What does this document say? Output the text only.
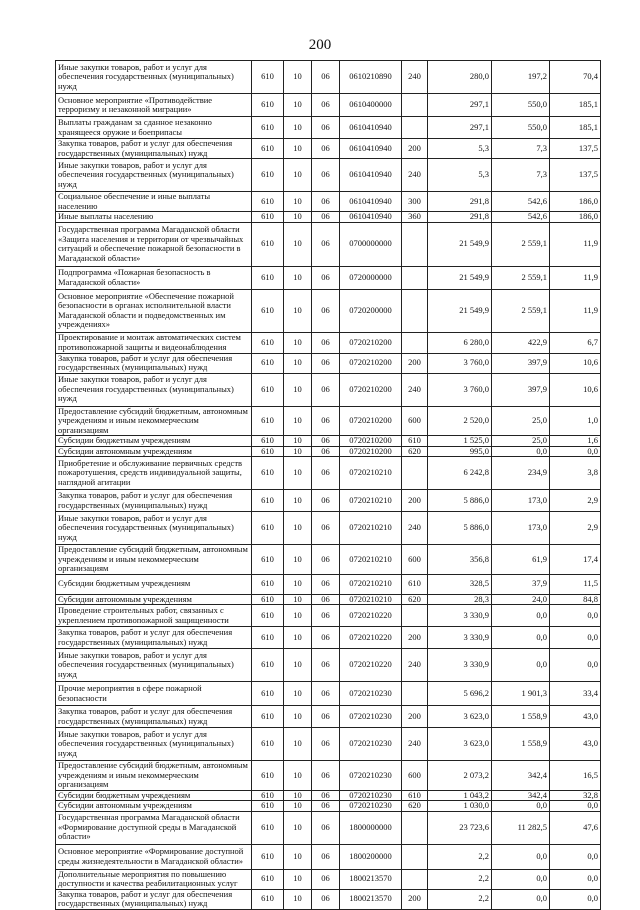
200
Иные закупки товаров, работ и услуг для обеспечения государственных (муниципальных) нужд	610	10	06	0610210890	240	280,0	197,2	70,4
Основное мероприятие «Противодействие терроризму и незаконной миграции»	610	10	06	0610400000		297,1	550,0	185,1
Выплаты гражданам за сданное незаконно хранящееся оружие и боеприпасы	610	10	06	0610410940		297,1	550,0	185,1
Закупка товаров, работ и услуг для обеспечения государственных (муниципальных) нужд	610	10	06	0610410940	200	5,3	7,3	137,5
Иные закупки товаров, работ и услуг для обеспечения государственных (муниципальных) нужд	610	10	06	0610410940	240	5,3	7,3	137,5
Социальное обеспечение и иные выплаты населению	610	10	06	0610410940	300	291,8	542,6	186,0
Иные выплаты населению	610	10	06	0610410940	360	291,8	542,6	186,0
Государственная программа Магаданской области «Защита населения и территории от чрезвычайных ситуаций и обеспечение пожарной безопасности в Магаданской области»	610	10	06	0700000000		21 549,9	2 559,1	11,9
Подпрограмма «Пожарная безопасность в Магаданской области»	610	10	06	0720000000		21 549,9	2 559,1	11,9
Основное мероприятие «Обеспечение пожарной безопасности в органах исполнительной власти Магаданской области и подведомственных им учреждениях»	610	10	06	0720200000		21 549,9	2 559,1	11,9
Проектирование и монтаж автоматических систем противопожарной защиты и видеонаблюдения	610	10	06	0720210200		6 280,0	422,9	6,7
Закупка товаров, работ и услуг для обеспечения государственных (муниципальных) нужд	610	10	06	0720210200	200	3 760,0	397,9	10,6
Иные закупки товаров, работ и услуг для обеспечения государственных (муниципальных) нужд	610	10	06	0720210200	240	3 760,0	397,9	10,6
Предоставление субсидий бюджетным, автономным учреждениям и иным некоммерческим организациям	610	10	06	0720210200	600	2 520,0	25,0	1,0
Субсидии бюджетным учреждениям	610	10	06	0720210200	610	1 525,0	25,0	1,6
Субсидии автономным учреждениям	610	10	06	0720210200	620	995,0	0,0	0,0
Приобретение и обслуживание первичных средств пожаротушения, средств индивидуальной защиты, наглядной агитации	610	10	06	0720210210		6 242,8	234,9	3,8
Закупка товаров, работ и услуг для обеспечения государственных (муниципальных) нужд	610	10	06	0720210210	200	5 886,0	173,0	2,9
Иные закупки товаров, работ и услуг для обеспечения государственных (муниципальных) нужд	610	10	06	0720210210	240	5 886,0	173,0	2,9
Предоставление субсидий бюджетным, автономным учреждениям и иным некоммерческим организациям	610	10	06	0720210210	600	356,8	61,9	17,4
Субсидии бюджетным учреждениям	610	10	06	0720210210	610	328,5	37,9	11,5
Субсидии автономным учреждениям	610	10	06	0720210210	620	28,3	24,0	84,8
Проведение строительных работ, связанных с укреплением противопожарной защищенности	610	10	06	0720210220		3 330,9	0,0	0,0
Закупка товаров, работ и услуг для обеспечения государственных (муниципальных) нужд	610	10	06	0720210220	200	3 330,9	0,0	0,0
Иные закупки товаров, работ и услуг для обеспечения государственных (муниципальных) нужд	610	10	06	0720210220	240	3 330,9	0,0	0,0
Прочие мероприятия в сфере пожарной безопасности	610	10	06	0720210230		5 696,2	1 901,3	33,4
Закупка товаров, работ и услуг для обеспечения государственных (муниципальных) нужд	610	10	06	0720210230	200	3 623,0	1 558,9	43,0
Иные закупки товаров, работ и услуг для обеспечения государственных (муниципальных) нужд	610	10	06	0720210230	240	3 623,0	1 558,9	43,0
Предоставление субсидий бюджетным, автономным учреждениям и иным некоммерческим организациям	610	10	06	0720210230	600	2 073,2	342,4	16,5
Субсидии бюджетным учреждениям	610	10	06	0720210230	610	1 043,2	342,4	32,8
Субсидии автономным учреждениям	610	10	06	0720210230	620	1 030,0	0,0	0,0
Государственная программа Магаданской области «Формирование доступной среды в Магаданской области»	610	10	06	1800000000		23 723,6	11 282,5	47,6
Основное мероприятие «Формирование доступной среды жизнедеятельности в Магаданской области»	610	10	06	1800200000		2,2	0,0	0,0
Дополнительные мероприятия по повышению доступности и качества реабилитационных услуг	610	10	06	1800213570		2,2	0,0	0,0
Закупка товаров, работ и услуг для обеспечения государственных (муниципальных) нужд	610	10	06	1800213570	200	2,2	0,0	0,0
